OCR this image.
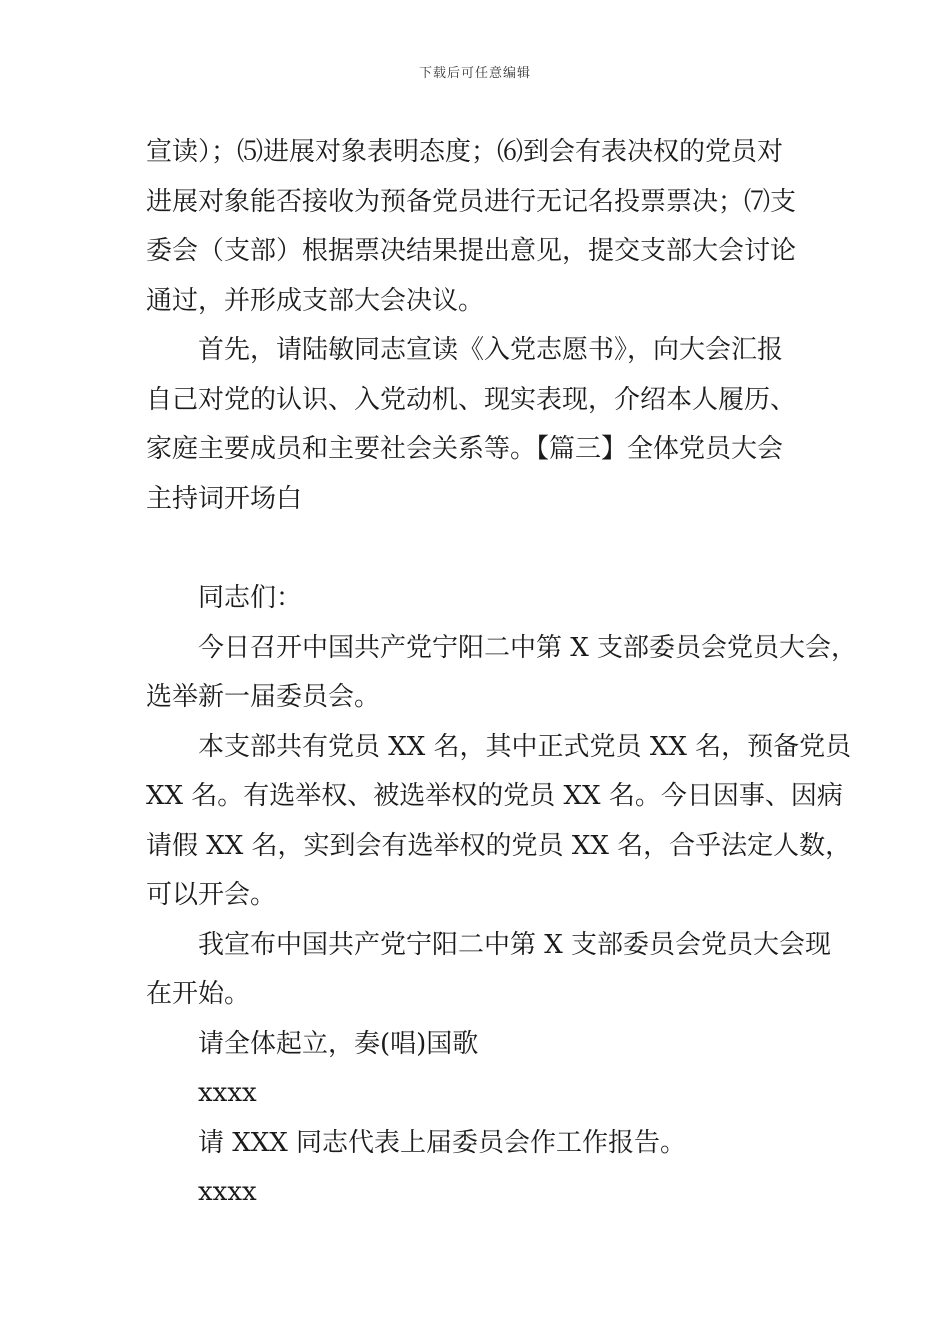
下载后可任意编辑
宣读）；⑸进展对象表明态度；⑹到会有表决权的党员对
进展对象能否接收为预备党员进行无记名投票票决；⑺支
委会（支部）根据票决结果提出意见，提交支部大会讨论
通过，并形成支部大会决议。
首先，请陆敏同志宣读《入党志愿书》，向大会汇报
自己对党的认识、入党动机、现实表现，介绍本人履历、
家庭主要成员和主要社会关系等。【篇三】全体党员大会
主持词开场白
同志们：
今日召开中国共产党宁阳二中第 X 支部委员会党员大会，
选举新一届委员会。
本支部共有党员 XX 名，其中正式党员 XX 名，预备党员
XX 名。有选举权、被选举权的党员 XX 名。今日因事、因病
请假 XX 名，实到会有选举权的党员 XX 名，合乎法定人数，
可以开会。
我宣布中国共产党宁阳二中第 X 支部委员会党员大会现
在开始。
请全体起立，奏(唱)国歌
xxxx
请 XXX 同志代表上届委员会作工作报告。
xxxx
